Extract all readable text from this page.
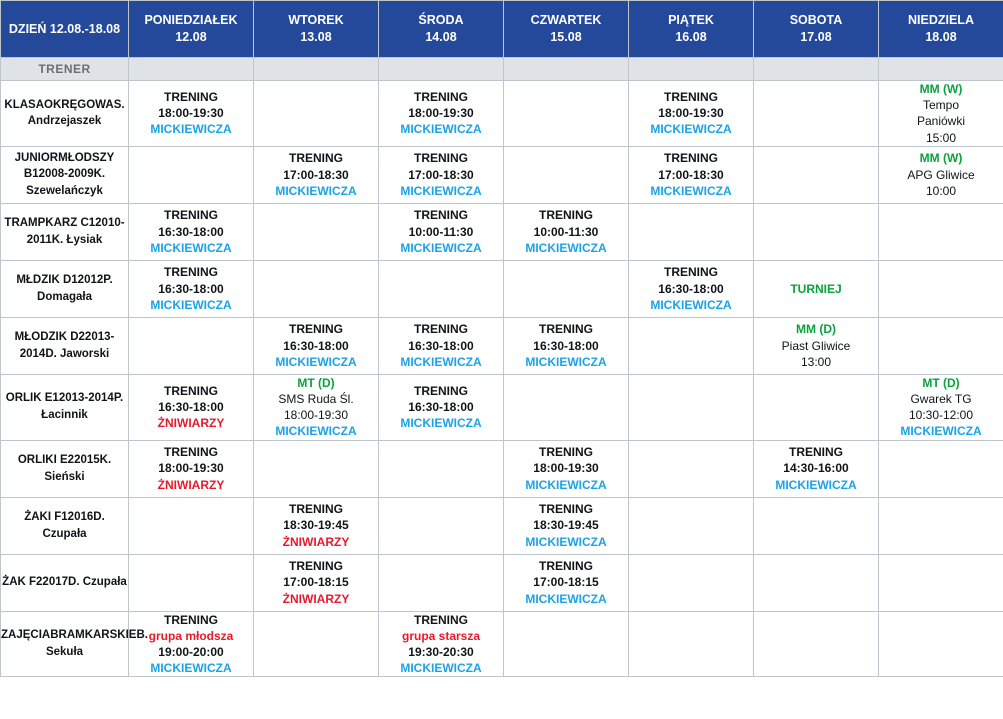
DZIEŃ 12.08.-18.08	PONIEDZIAŁEK
12.08	WTOREK
13.08	ŚRODA
14.08	CZWARTEK
15.08	PIĄTEK
16.08	SOBOTA
17.08	NIEDZIELA
18.08

TRENER							
KLASAOKRĘGOWAS. Andrzejaszek	TRENING
18:00-19:30
MICKIEWICZA		TRENING
18:00-19:30
MICKIEWICZA		TRENING
18:00-19:30
MICKIEWICZA		MM (W)
Tempo
Paniówki
15:00

JUNIORMŁODSZY B12008-2009K. Szewelańczyk		TRENING
17:00-18:30
MICKIEWICZA	TRENING
17:00-18:30
MICKIEWICZA		TRENING
17:00-18:30
MICKIEWICZA		MM (W)
APG Gliwice
10:00

TRAMPKARZ C12010-2011K. Łysiak	TRENING
16:30-18:00
MICKIEWICZA		TRENING
10:00-11:30
MICKIEWICZA	TRENING
10:00-11:30
MICKIEWICZA			

MŁDZIK D12012P. Domagała	TRENING
16:30-18:00
MICKIEWICZA				TRENING
16:30-18:00
MICKIEWICZA	TURNIEJ	

MŁODZIK D22013-2014D. Jaworski		TRENING
16:30-18:00
MICKIEWICZA	TRENING
16:30-18:00
MICKIEWICZA	TRENING
16:30-18:00
MICKIEWICZA		MM (D)
Piast Gliwice
13:00	

ORLIK E12013-2014P. Łacinnik	TRENING
16:30-18:00
ŻNIWIARZY	MT (D)
SMS Ruda Śl.
18:00-19:30
MICKIEWICZA	TRENING
16:30-18:00
MICKIEWICZA				MT (D)
Gwarek TG
10:30-12:00
MICKIEWICZA

ORLIKI E22015K. Sieński	TRENING
18:00-19:30
ŻNIWIARZY			TRENING
18:00-19:30
MICKIEWICZA		TRENING
14:30-16:00
MICKIEWICZA	

ŻAKI F12016D. Czupała		TRENING
18:30-19:45
ŻNIWIARZY		TRENING
18:30-19:45
MICKIEWICZA			

ŻAK F22017D. Czupała		TRENING
17:00-18:15
ŻNIWIARZY		TRENING
17:00-18:15
MICKIEWICZA			

ZAJĘCIABRAMKARSKIEB. Sekuła	TRENING
grupa młodsza
19:00-20:00
MICKIEWICZA		TRENING
grupa starsza
19:30-20:30
MICKIEWICZA				
